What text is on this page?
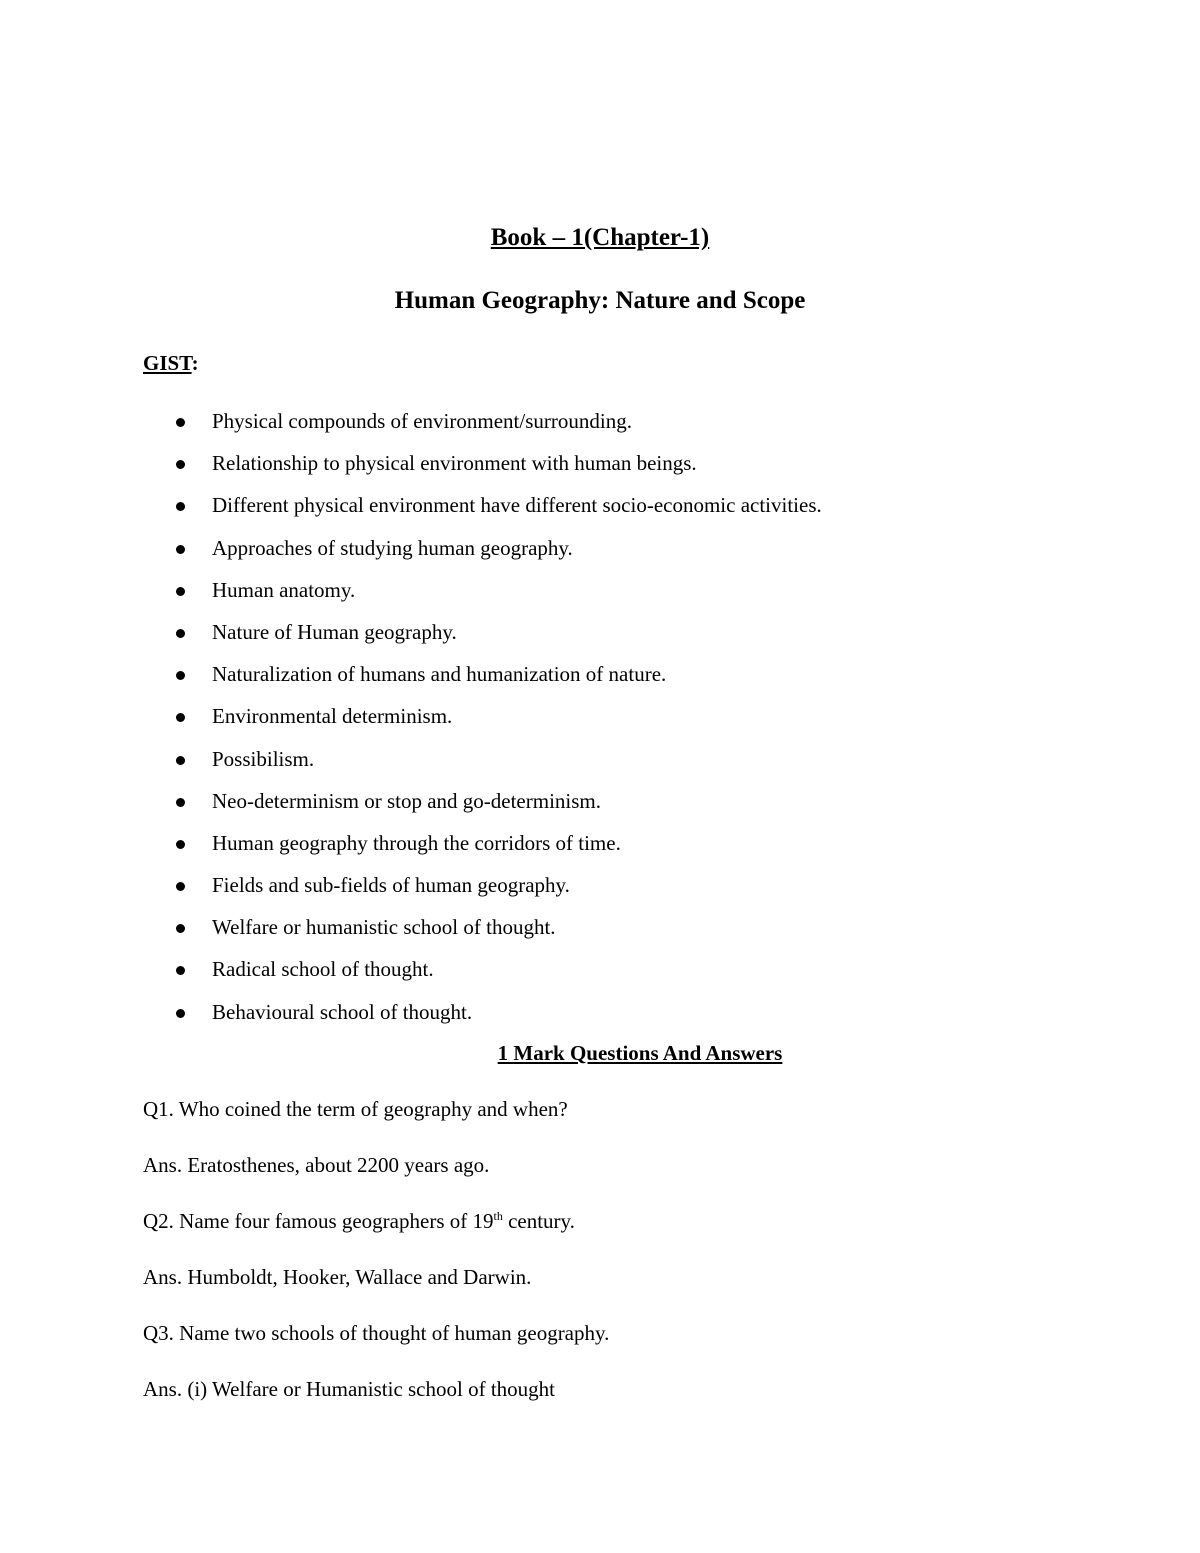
Book – 1(Chapter-1)
Human Geography: Nature and Scope

GIST:

Physical compounds of environment/surrounding.
Relationship to physical environment with human beings.
Different physical environment have different socio-economic activities.
Approaches of studying human geography.
Human anatomy.
Nature of Human geography.
Naturalization of humans and humanization of nature.
Environmental determinism.
Possibilism.
Neo-determinism or stop and go-determinism.
Human geography through the corridors of time.
Fields and sub-fields of human geography.
Welfare or humanistic school of thought.
Radical school of thought.
Behavioural school of thought.
1 Mark Questions And Answers

Q1. Who coined the term of geography and when?

Ans. Eratosthenes, about 2200 years ago.

Q2. Name four famous geographers of 19th century.

Ans. Humboldt, Hooker, Wallace and Darwin.

Q3. Name two schools of thought of human geography.

Ans. (i) Welfare or Humanistic school of thought
